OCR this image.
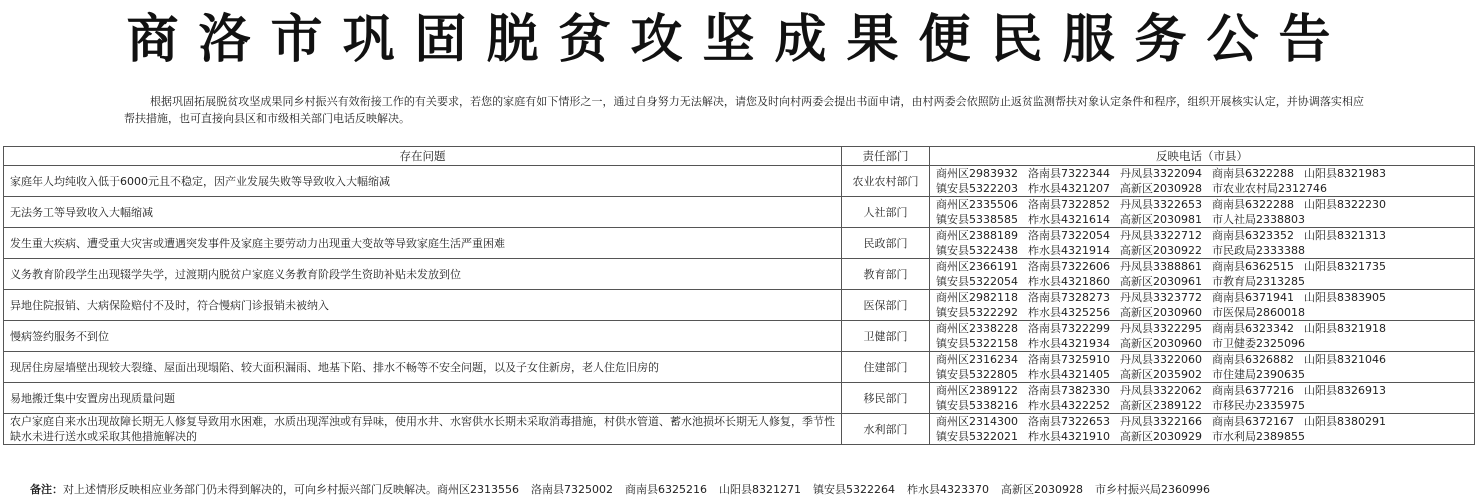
商洛市巩固脱贫攻坚成果便民服务公告
根据巩固拓展脱贫攻坚成果同乡村振兴有效衔接工作的有关要求，若您的家庭有如下情形之一，通过自身努力无法解决，请您及时向村两委会提出书面申请，由村两委会依照防止返贫监测帮扶对象认定条件和程序，组织开展核实认定，并协调落实相应帮扶措施，也可直接向县区和市级相关部门电话反映解决。
存在问题	责任部门	反映电话（市县）
家庭年人均纯收入低于6000元且不稳定，因产业发展失败等导致收入大幅缩减	农业农村部门	商州区2983932 洛南县7322344 丹凤县3322094 商南县6322288 山阳县8321983
镇安县5322203 柞水县4321207 高新区2030928 市农业农村局2312746

无法务工等导致收入大幅缩减	人社部门	商州区2335506 洛南县7322852 丹凤县3322653 商南县6322288 山阳县8322230
镇安县5338585 柞水县4321614 高新区2030981 市人社局2338803

发生重大疾病、遭受重大灾害或遭遇突发事件及家庭主要劳动力出现重大变故等导致家庭生活严重困难	民政部门	商州区2388189 洛南县7322054 丹凤县3322712 商南县6323352 山阳县8321313
镇安县5322438 柞水县4321914 高新区2030922 市民政局2333388

义务教育阶段学生出现辍学失学，过渡期内脱贫户家庭义务教育阶段学生资助补贴未发放到位	教育部门	商州区2366191 洛南县7322606 丹凤县3388861 商南县6362515 山阳县8321735
镇安县5322054 柞水县4321860 高新区2030961 市教育局2313285

异地住院报销、大病保险赔付不及时，符合慢病门诊报销未被纳入	医保部门	商州区2982118 洛南县7328273 丹凤县3323772 商南县6371941 山阳县8383905
镇安县5322292 柞水县4325256 高新区2030960 市医保局2860018

慢病签约服务不到位	卫健部门	商州区2338228 洛南县7322299 丹凤县3322295 商南县6323342 山阳县8321918
镇安县5322158 柞水县4321934 高新区2030960 市卫健委2325096

现居住房屋墙壁出现较大裂缝、屋面出现塌陷、较大面积漏雨、地基下陷、排水不畅等不安全问题，以及子女住新房，老人住危旧房的	住建部门	商州区2316234 洛南县7325910 丹凤县3322060 商南县6326882 山阳县8321046
镇安县5322805 柞水县4321405 高新区2035902 市住建局2390635

易地搬迁集中安置房出现质量问题	移民部门	商州区2389122 洛南县7382330 丹凤县3322062 商南县6377216 山阳县8326913
镇安县5338216 柞水县4322252 高新区2389122 市移民办2335975

农户家庭自来水出现故障长期无人修复导致用水困难，水质出现浑浊或有异味，使用水井、水窖供水长期未采取消毒措施，村供水管道、蓄水池损坏长期无人修复，季节性缺水未进行送水或采取其他措施解决的	水利部门	商州区2314300 洛南县7322653 丹凤县3322166 商南县6372167 山阳县8380291
镇安县5322021 柞水县4321910 高新区2030929 市水利局2389855
备注：对上述情形反映相应业务部门仍未得到解决的，可向乡村振兴部门反映解决。商州区2313556 洛南县7325002 商南县6325216 山阳县8321271 镇安县5322264 柞水县4323370 高新区2030928 市乡村振兴局2360996
